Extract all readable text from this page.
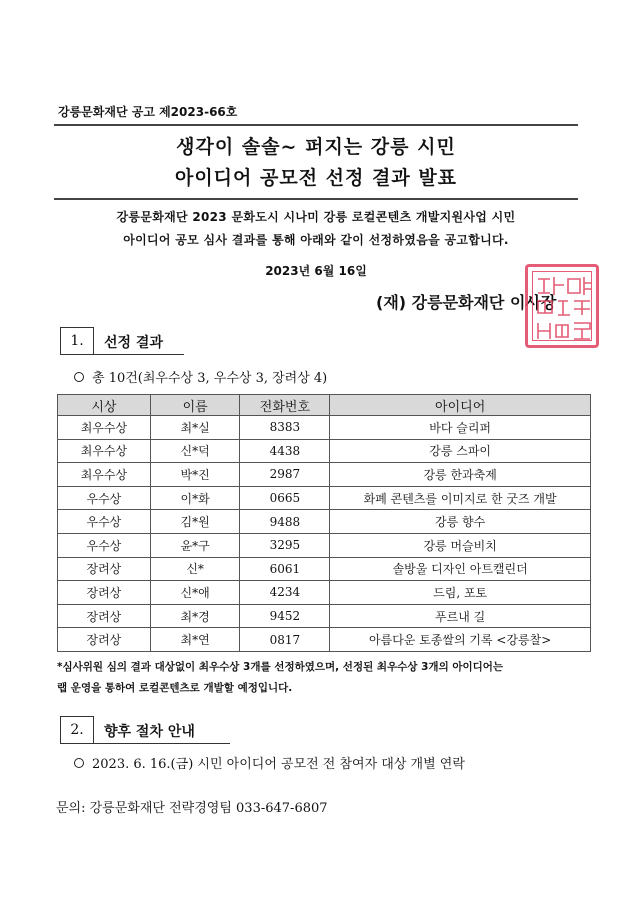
강릉문화재단 공고 제2023-66호
생각이 솔솔~ 퍼지는 강릉 시민
아이디어 공모전 선정 결과 발표
강릉문화재단 2023 문화도시 시나미 강릉 로컬콘텐츠 개발지원사업 시민
아이디어 공모 심사 결과를 통해 아래와 같이 선정하였음을 공고합니다.
2023년 6월 16일
(재) 강릉문화재단 이사장
1.	선정 결과
총 10건(최우수상 3, 우수상 3, 장려상 4)
시상	이름	전화번호	아이디어
최우수상	최*실	8383	바다 슬리퍼
최우수상	신*덕	4438	강릉 스파이
최우수상	박*진	2987	강릉 한과축제
우수상	이*화	0665	화폐 콘텐츠를 이미지로 한 굿즈 개발
우수상	김*원	9488	강릉 향수
우수상	윤*구	3295	강릉 머슬비치
장려상	신*	6061	솔방울 디자인 아트캘린더
장려상	신*애	4234	드림, 포토
장려상	최*경	9452	푸르내 길
장려상	최*연	0817	아름다운 토종쌀의 기록 <강릉찰>
*심사위원 심의 결과 대상없이 최우수상 3개를 선정하였으며, 선정된 최우수상 3개의 아이디어는
랩 운영을 통하여 로컬콘텐츠로 개발할 예정입니다.
2.	향후 절차 안내
2023. 6. 16.(금) 시민 아이디어 공모전 전 참여자 대상 개별 연락
문의: 강릉문화재단 전략경영팀 033-647-6807
